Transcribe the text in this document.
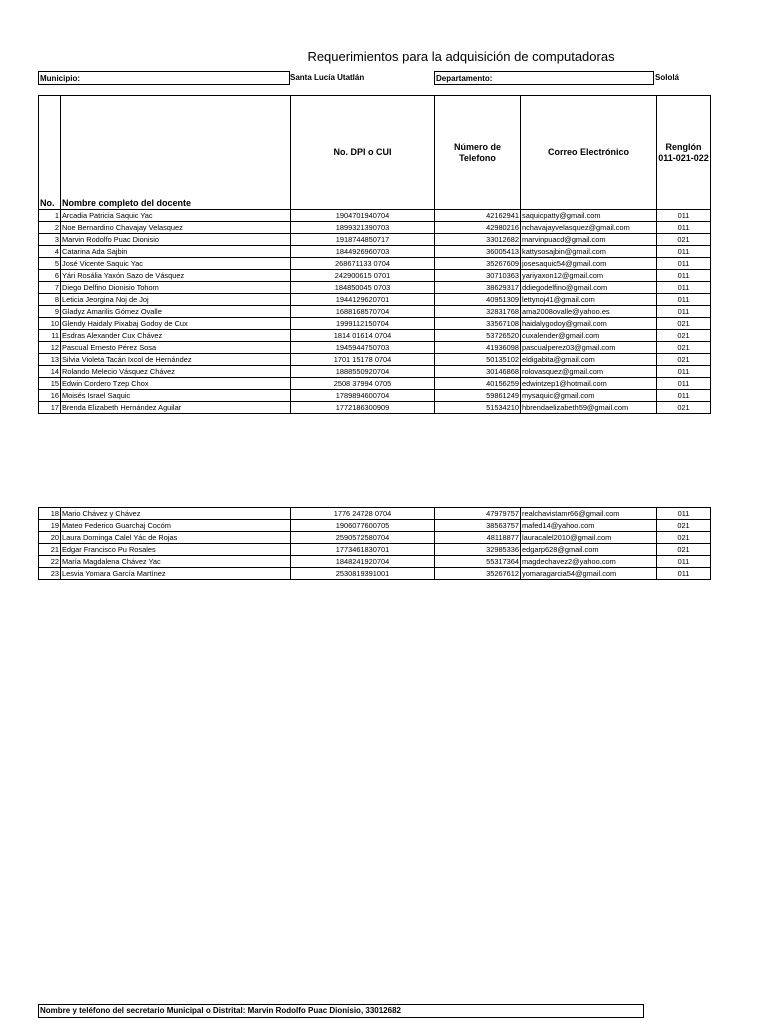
Requerimientos para la adquisición de computadoras
Municipio:	Santa Lucía Utatlán	Departamento:	Sololá
No.	Nombre completo del docente	No. DPI o CUI	Número de Telefono	Correo Electrónico	Renglón 011-021-022
1	Arcadia Patricia Saquic Yac	1904701940704	42162941	saquicpatty@gmail.com	011
2	Noe Bernardino Chavajay Velasquez	1899321390703	42980216	nchavajayvelasquez@gmail.com	011
3	Marvin Rodolfo Puac Dionisio	1918744850717	33012682	marvinpuacd@gmail.com	021
4	Catarina Ada Sajbin	1844926960703	36005413	kattysosajbin@gmail.com	011
5	José Vicente Saquic Yac	268671133 0704	35267609	josesaquic54@gmail.com	011
6	Yári Rosália Yaxón Sazo de Vásquez	242900615 0701	30710363	yariyaxon12@gmail.com	011
7	Diego Delfino Dionisio Tohom	184850045 0703	38629317	ddiegodelfino@gmail.com	011
8	Leticia Jeorgina Noj de Joj	1944129620701	40951309	lettynoj41@gmail.com	011
9	Gladyz Amarilis Gómez Ovalle	1688168570704	32831768	ama2008ovalle@yahoo.es	011
10	Glendy Haidaly Pixabaj Godoy de Cux	1999112150704	33567108	haidalygodoy@gmail.com	021
11	Esdras Alexander Cux Chávez	1814 01614 0704	53726520	cuxalender@gmail.com	021
12	Pascual Ernesto Pérez Sosa	1945944750703	41936098	pascualperez03@gmail.com	021
13	Silvia Violeta Tacán Ixcol de Hernández	1701 15178 0704	50135102	eldigabita@gmail.com	021
14	Rolando Melecio Vásquez Chávez	1888550920704	30146868	rolovasquez@gmail.com	011
15	Edwin Cordero Tzep Chox	2508 37994 0705	40156259	edwintzep1@hotmail.com	011
16	Moisés Israel Saquic	1789894600704	59861249	mysaquic@gmail.com	011
17	Brenda Elizabeth Hernández Aguilar	1772186300909	51534210	hbrendaelizabeth59@gmail.com	021
18	Mario Chávez y Chávez	1776 24728 0704	47979757	realchavistamr66@gmail.com	011
19	Mateo Federico Guarchaj Cocóm	1906077600705	38563757	mafed14@yahoo.com	021
20	Laura Dominga Calel Yác de Rojas	2590572580704	48118877	lauracalel2010@gmail.com	021
21	Edgar Francisco Pu Rosales	1773461830701	32985336	edgarp628@gmail.com	021
22	María Magdalena Chávez Yac	1848241920704	55317364	magdechavez2@yahoo.com	011
23	Lesvia Yomara García Martínez	2530819391001	35267612	yomaragarcia54@gmail.com	011
Nombre y teléfono del secretario Municipal o Distrital: Marvin Rodolfo Puac Dionisio, 33012682
